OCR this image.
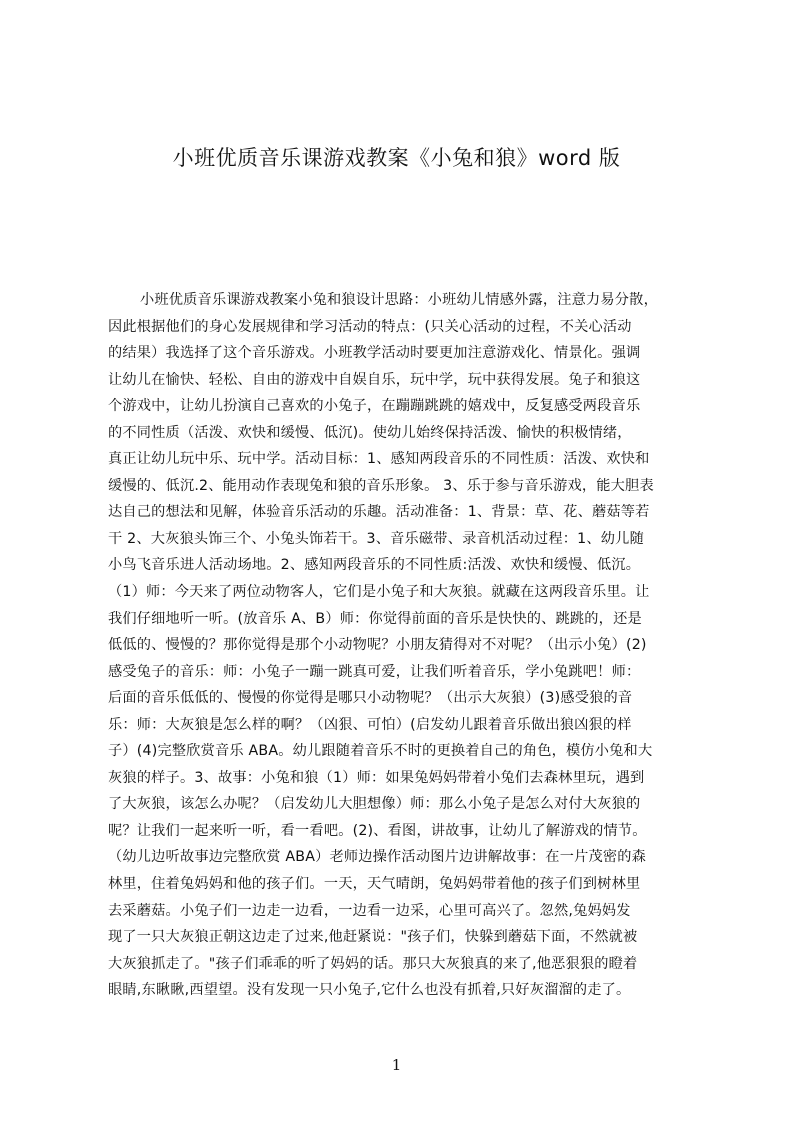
小班优质音乐课游戏教案《小兔和狼》word 版
小班优质音乐课游戏教案小兔和狼设计思路：小班幼儿情感外露，注意力易分散，
因此根据他们的身心发展规律和学习活动的特点：(只关心活动的过程，不关心活动
的结果）我选择了这个音乐游戏。小班教学活动时要更加注意游戏化、情景化。强调
让幼儿在愉快、轻松、自由的游戏中自娱自乐，玩中学，玩中获得发展。兔子和狼这
个游戏中，让幼儿扮演自己喜欢的小兔子，在蹦蹦跳跳的嬉戏中，反复感受两段音乐
的不同性质（活泼、欢快和缓慢、低沉)。使幼儿始终保持活泼、愉快的积极情绪，
真正让幼儿玩中乐、玩中学。活动目标：1、感知两段音乐的不同性质：活泼、欢快和
缓慢的、低沉.2、能用动作表现兔和狼的音乐形象。 3、乐于参与音乐游戏，能大胆表
达自己的想法和见解，体验音乐活动的乐趣。活动准备：1、背景：草、花、蘑菇等若
干 2、大灰狼头饰三个、小兔头饰若干。3、音乐磁带、录音机活动过程：1、幼儿随
小鸟飞音乐进人活动场地。2、感知两段音乐的不同性质:活泼、欢快和缓慢、低沉。
（1）师：今天来了两位动物客人，它们是小兔子和大灰狼。就藏在这两段音乐里。让
我们仔细地听一听。(放音乐 A、B）师：你觉得前面的音乐是快快的、跳跳的，还是
低低的、慢慢的？那你觉得是那个小动物呢？小朋友猜得对不对呢？（出示小兔）(2)
感受兔子的音乐：师：小兔子一蹦一跳真可爱，让我们听着音乐，学小兔跳吧！师：
后面的音乐低低的、慢慢的你觉得是哪只小动物呢？（出示大灰狼）(3)感受狼的音
乐：师：大灰狼是怎么样的啊？（凶狠、可怕）(启发幼儿跟着音乐做出狼凶狠的样
子）(4)完整欣赏音乐 ABA。幼儿跟随着音乐不时的更换着自己的角色，模仿小兔和大
灰狼的样子。3、故事：小兔和狼（1）师：如果兔妈妈带着小兔们去森林里玩，遇到
了大灰狼，该怎么办呢？（启发幼儿大胆想像）师：那么小兔子是怎么对付大灰狼的
呢？让我们一起来听一听，看一看吧。(2)、看图，讲故事，让幼儿了解游戏的情节。
（幼儿边听故事边完整欣赏 ABA）老师边操作活动图片边讲解故事：在一片茂密的森
林里，住着兔妈妈和他的孩子们。一天，天气晴朗，兔妈妈带着他的孩子们到树林里
去采蘑菇。小兔子们一边走一边看，一边看一边采，心里可高兴了。忽然,兔妈妈发
现了一只大灰狼正朝这边走了过来,他赶紧说："孩子们，快躲到蘑菇下面，不然就被
大灰狼抓走了。"孩子们乖乖的听了妈妈的话。那只大灰狼真的来了,他恶狠狠的瞪着
眼睛,东瞅瞅,西望望。没有发现一只小兔子,它什么也没有抓着,只好灰溜溜的走了。
1
